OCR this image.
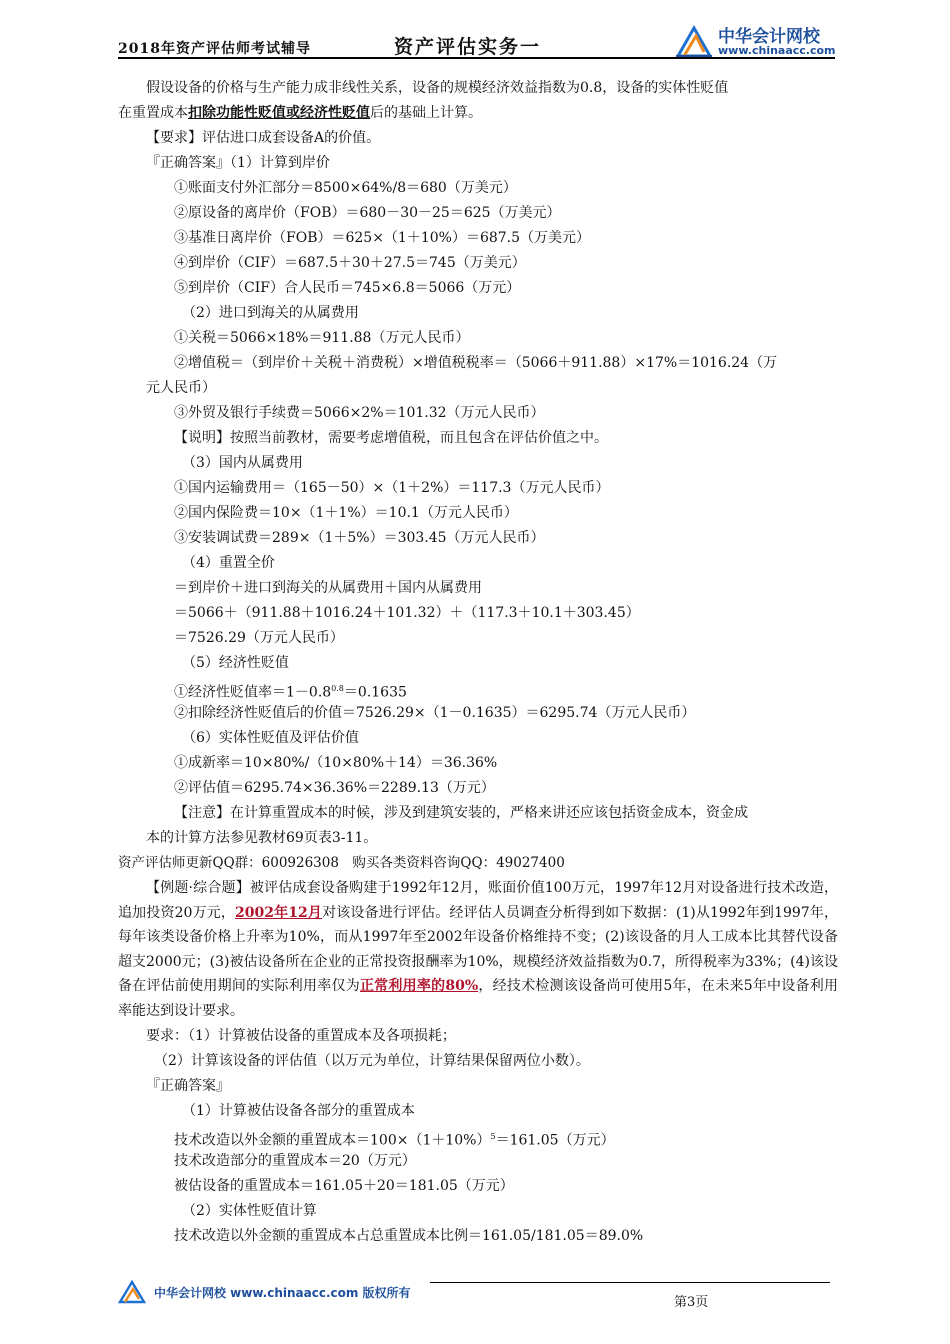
2018年资产评估师考试辅导	资产评估实务一	中华会计网校
www.chinaacc.com
假设设备的价格与生产能力成非线性关系，设备的规模经济效益指数为0.8，设备的实体性贬值
在重置成本扣除功能性贬值或经济性贬值后的基础上计算。
【要求】评估进口成套设备A的价值。
『正确答案』（1）计算到岸价
①账面支付外汇部分＝8500×64%/8＝680（万美元）
②原设备的离岸价（FOB）＝680－30－25＝625（万美元）
③基准日离岸价（FOB）＝625×（1＋10%）＝687.5（万美元）
④到岸价（CIF）＝687.5＋30＋27.5＝745（万美元）
⑤到岸价（CIF）合人民币＝745×6.8＝5066（万元）
（2）进口到海关的从属费用
①关税＝5066×18%＝911.88（万元人民币）
②增值税＝（到岸价＋关税＋消费税）×增值税税率＝（5066＋911.88）×17%＝1016.24（万
元人民币）
③外贸及银行手续费＝5066×2%＝101.32（万元人民币）
【说明】按照当前教材，需要考虑增值税，而且包含在评估价值之中。
（3）国内从属费用
①国内运输费用＝（165－50）×（1＋2%）＝117.3（万元人民币）
②国内保险费＝10×（1＋1%）＝10.1（万元人民币）
③安装调试费＝289×（1＋5%）＝303.45（万元人民币）
（4）重置全价
＝到岸价＋进口到海关的从属费用＋国内从属费用
＝5066＋（911.88＋1016.24＋101.32）＋（117.3＋10.1＋303.45）
＝7526.29（万元人民币）
（5）经济性贬值
①经济性贬值率$=1-0.8^{0.8}=0.1635$
②扣除经济性贬值后的价值＝7526.29×（1－0.1635）＝6295.74（万元人民币）
（6）实体性贬值及评估价值
①成新率＝10×80%/（10×80%＋14）＝36.36%
②评估值＝6295.74×36.36%＝2289.13（万元）
【注意】在计算重置成本的时候，涉及到建筑安装的，严格来讲还应该包括资金成本，资金成
本的计算方法参见教材69页表3-11。
资产评估师更新QQ群：600926308　购买各类资料咨询QQ：49027400

【例题·综合题】被评估成套设备购建于1992年12月，账面价值100万元，1997年12月对设备进行技术改造，追加投资20万元，2002年12月对该设备进行评估。经评估人员调查分析得到如下数据：(1)从1992年到1997年，每年该类设备价格上升率为10%，而从1997年至2002年设备价格维持不变；(2)该设备的月人工成本比其替代设备超支2000元；(3)被估设备所在企业的正常投资报酬率为10%，规模经济效益指数为0.7，所得税率为33%；(4)该设备在评估前使用期间的实际利用率仅为正常利用率的80%，经技术检测该设备尚可使用5年，在未来5年中设备利用率能达到设计要求。

要求：（1）计算被估设备的重置成本及各项损耗；
（2）计算该设备的评估值（以万元为单位，计算结果保留两位小数）。
『正确答案』
（1）计算被估设备各部分的重置成本
技术改造以外金额的重置成本$=100\times(1+10\%)^5=161.05$（万元）
技术改造部分的重置成本＝20（万元）
被估设备的重置成本＝161.05＋20＝181.05（万元）
（2）实体性贬值计算
技术改造以外金额的重置成本占总重置成本比例＝161.05/181.05＝89.0%
中华会计网校 www.chinaacc.com 版权所有
第3页
